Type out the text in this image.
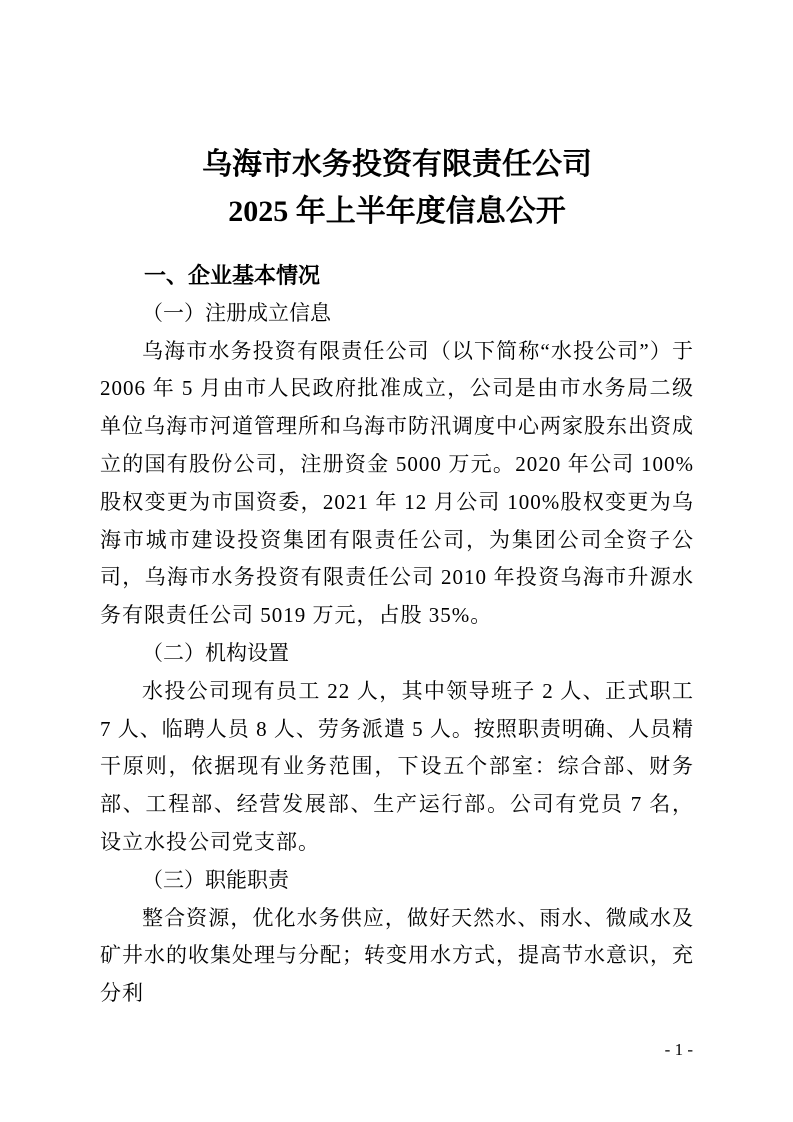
乌海市水务投资有限责任公司
2025 年上半年度信息公开
一、企业基本情况
（一）注册成立信息

乌海市水务投资有限责任公司（以下简称“水投公司”）于 2006 年 5 月由市人民政府批准成立，公司是由市水务局二级单位乌海市河道管理所和乌海市防汛调度中心两家股东出资成立的国有股份公司，注册资金 5000 万元。2020 年公司 100%股权变更为市国资委，2021 年 12 月公司 100%股权变更为乌海市城市建设投资集团有限责任公司，为集团公司全资子公司，乌海市水务投资有限责任公司 2010 年投资乌海市升源水务有限责任公司 5019 万元，占股 35%。

（二）机构设置

水投公司现有员工 22 人，其中领导班子 2 人、正式职工 7 人、临聘人员 8 人、劳务派遣 5 人。按照职责明确、人员精干原则，依据现有业务范围，下设五个部室：综合部、财务部、工程部、经营发展部、生产运行部。公司有党员 7 名，设立水投公司党支部。

（三）职能职责

整合资源，优化水务供应，做好天然水、雨水、微咸水及矿井水的收集处理与分配；转变用水方式，提高节水意识，充分利

- 1 -
